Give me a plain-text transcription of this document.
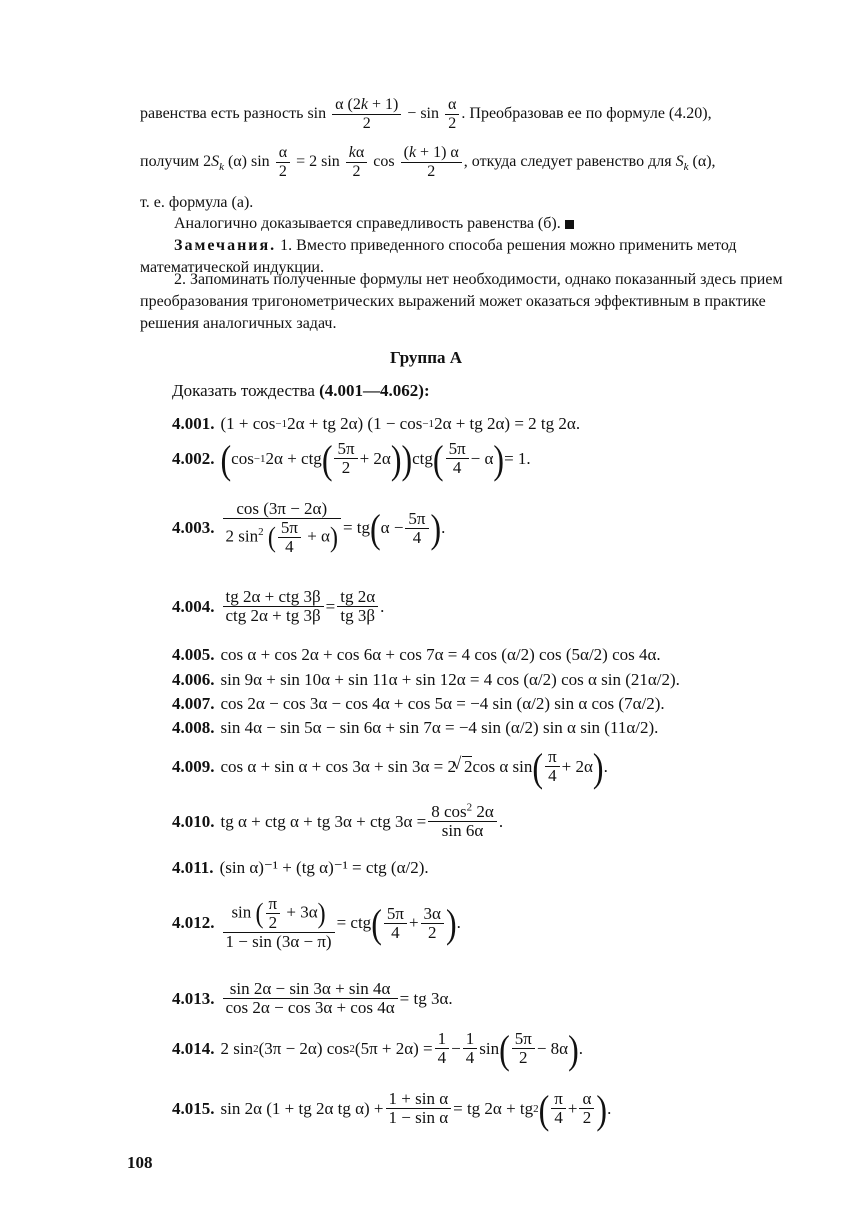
равенства есть разность $\sin \frac{\alpha (2k + 1)}{2} - \sin \frac{\alpha}{2}$ . Преобразовав ее по формуле (4.20),
получим $2S_k$ (α) $\sin \frac{\alpha}{2} = 2$ $\sin \frac{k\alpha}{2}$ $\cos \frac{(k + 1) \alpha}{2}$ , откуда следует равенство для $S_k$ (α),
т. е. формула (а).
Аналогично доказывается справедливость равенства (б).
Замечания. 1. Вместо приведенного способа решения можно применить метод математической индукции.
2. Запоминать полученные формулы нет необходимости, однако показанный здесь прием преобразования тригонометрических выражений может оказаться эффективным в практике решения аналогичных задач.
Группа А
Доказать тождества (4.001—4.062):
4.001. (1 + cos −1 2α + tg 2α) (1 − cos −1 2α + tg 2α) = 2 tg 2α.
4.002. ( cos −1 2α + ctg ( $\frac{5\pi}{2} + 2\alpha$ ) ) ctg ( $\frac{5\pi}{4} - \alpha$ ) = 1.
4.003. $\frac{\cos (3\pi - 2\alpha)}{2 \sin^2 ( \frac{5\pi}{4} + \alpha)}$ = tg ( $\alpha - \frac{5\pi}{4}$ ) .
4.004. $\frac{\text{tg 2α + ctg 3β}}{\text{ctg 2α + tg 3β}} = \frac{tg 2\alpha}{tg 3\beta}$ .
4.005. cos α + cos 2α + cos 6α + cos 7α = 4 cos (α/2) cos (5α/2) cos 4α.
4.006. sin 9α + sin 10α + sin 11α + sin 12α = 4 cos (α/2) cos α sin (21α/2).
4.007. cos 2α − cos 3α − cos 4α + cos 5α = −4 sin (α/2) sin α cos (7α/2).
4.008. sin 4α − sin 5α − sin 6α + sin 7α = −4 sin (α/2) sin α sin (11α/2).
4.009. cos α + sin α + cos 3α + sin 3α = 2
√ 2 cos α sin ( $\frac{\pi}{4} + 2\alpha$ ) .
4.010. tg α + ctg α + tg 3α + ctg $3\alpha = \frac{8 \cos^2 2\alpha}{\sin 6\alpha}$ .
4.011. (sin α)⁻¹ + (tg α)⁻¹ = ctg (α/2).
4.012. $\frac{\sin ( \frac{\pi}{2} + 3\alpha)}{1 - \sin (3\alpha - \pi)}$ = ctg ( $\frac{5\pi}{4} + \frac{3\alpha}{2}$ ) .
4.013. $\frac{\sin 2\alpha - \sin 3\alpha + \sin 4\alpha}{\cos 2\alpha - \cos 3\alpha + \cos 4\alpha}$ = tg 3α.
4.014. 2 sin 2 (3π − 2α) cos 2 $(5\pi + 2\alpha) = \frac{1}{4} - \frac{1}{4}$ sin ( $\frac{5\pi}{2} - 8\alpha$ ) .
4.015. sin 2α (1 + tg 2α tg $\alpha) + \frac{\text{1 + sin α}}{\text{1 − sin α}}$ = tg 2α + tg 2 ( $\frac{\pi}{4} + \frac{\alpha}{2}$ ) .
108
